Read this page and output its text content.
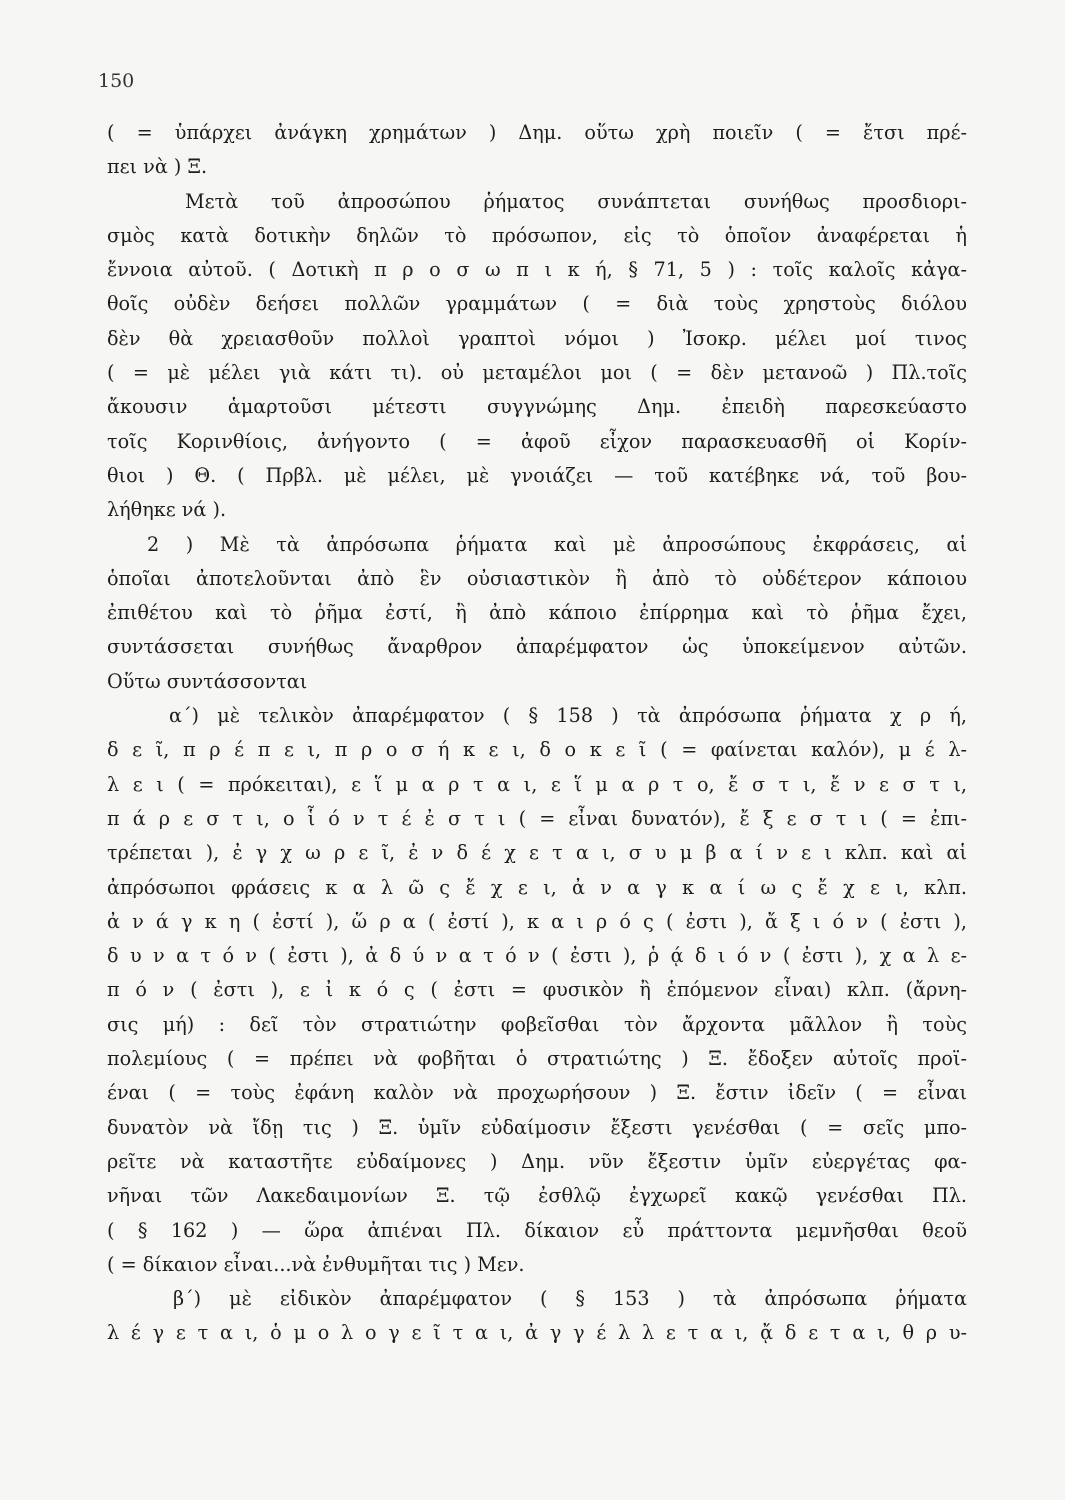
150
( = ὑπάρχει ἀνάγκη χρημάτων ) Δημ. οὕτω χρὴ ποιεῖν ( = ἔτσι πρέ-
πει νὰ ) Ξ.
Μετὰ τοῦ ἀπροσώπου ῥήματος συνάπτεται συνήθως προσδιορι-
σμὸς κατὰ δοτικὴν δηλῶν τὸ πρόσωπον, εἰς τὸ ὁποῖον ἀναφέρεται ἡ
ἔννοια αὐτοῦ. ( Δοτικὴ π ρ ο σ ω π ι κ ή, § 71, 5 ) : τοῖς καλοῖς κἀγα-
θοῖς οὐδὲν δεήσει πολλῶν γραμμάτων ( = διὰ τοὺς χρηστοὺς διόλου
δὲν θὰ χρειασθοῦν πολλοὶ γραπτοὶ νόμοι ) Ἰσοκρ. μέλει μοί τινος
( = μὲ μέλει γιὰ κάτι τι). οὐ μεταμέλοι μοι ( = δὲν μετανοῶ ) Πλ.τοῖς
ἄκουσιν ἁμαρτοῦσι μέτεστι συγγνώμης Δημ. ἐπειδὴ παρεσκεύαστο
τοῖς Κορινθίοις, ἀνήγοντο ( = ἀφοῦ εἶχον παρασκευασθῆ οἱ Κορίν-
θιοι ) Θ. ( Πρβλ. μὲ μέλει, μὲ γνοιάζει — τοῦ κατέβηκε νά, τοῦ βου-
λήθηκε νά ).
2 ) Μὲ τὰ ἀπρόσωπα ῥήματα καὶ μὲ ἀπροσώπους ἐκφράσεις, αἱ
ὁποῖαι ἀποτελοῦνται ἀπὸ ἓν οὐσιαστικὸν ἢ ἀπὸ τὸ οὐδέτερον κάποιου
ἐπιθέτου καὶ τὸ ῥῆμα ἐστί, ἢ ἀπὸ κάποιο ἐπίρρημα καὶ τὸ ῥῆμα ἔχει,
συντάσσεται συνήθως ἄναρθρον ἀπαρέμφατον ὡς ὑποκείμενον αὐτῶν.
Οὕτω συντάσσονται
α΄) μὲ τελικὸν ἀπαρέμφατον ( § 158 ) τὰ ἀπρόσωπα ῥήματα χ ρ ή,
δ ε ῖ, π ρ έ π ε ι, π ρ ο σ ή κ ε ι, δ ο κ ε ῖ ( = φαίνεται καλόν), μ έ λ-
λ ε ι ( = πρόκειται), ε ἵ μ α ρ τ α ι, ε ἵ μ α ρ τ ο, ἔ σ τ ι, ἔ ν ε σ τ ι,
π ά ρ ε σ τ ι, ο ἷ ό ν τ έ ἐ σ τ ι ( = εἶναι δυνατόν), ἔ ξ ε σ τ ι ( = ἐπι-
τρέπεται ), ἐ γ χ ω ρ ε ῖ, ἐ ν δ έ χ ε τ α ι, σ υ μ β α ί ν ε ι κλπ. καὶ αἱ
ἀπρόσωποι φράσεις κ α λ ῶ ς ἔ χ ε ι, ἀ ν α γ κ α ί ω ς ἔ χ ε ι, κλπ.
ἀ ν ά γ κ η ( ἐστί ), ὥ ρ α ( ἐστί ), κ α ι ρ ό ς ( ἐστι ), ἄ ξ ι ό ν ( ἐστι ),
δ υ ν α τ ό ν ( ἐστι ), ἀ δ ύ ν α τ ό ν ( ἐστι ), ῥ ᾴ δ ι ό ν ( ἐστι ), χ α λ ε-
π ό ν ( ἐστι ), ε ἰ κ ό ς ( ἐστι = φυσικὸν ἢ ἑπόμενον εἶναι) κλπ. (ἄρνη-
σις μή) : δεῖ τὸν στρατιώτην φοβεῖσθαι τὸν ἄρχοντα μᾶλλον ἢ τοὺς
πολεμίους ( = πρέπει νὰ φοβῆται ὁ στρατιώτης ) Ξ. ἔδοξεν αὐτοῖς προϊ-
έναι ( = τοὺς ἐφάνη καλὸν νὰ προχωρήσουν ) Ξ. ἔστιν ἰδεῖν ( = εἶναι
δυνατὸν νὰ ἴδῃ τις ) Ξ. ὑμῖν εὐδαίμοσιν ἔξεστι γενέσθαι ( = σεῖς μπο-
ρεῖτε νὰ καταστῆτε εὐδαίμονες ) Δημ. νῦν ἔξεστιν ὑμῖν εὐεργέτας φα-
νῆναι τῶν Λακεδαιμονίων Ξ. τῷ ἐσθλῷ ἐγχωρεῖ κακῷ γενέσθαι Πλ.
( § 162 ) — ὥρα ἀπιέναι Πλ. δίκαιον εὖ πράττοντα μεμνῆσθαι θεοῦ
( = δίκαιον εἶναι...νὰ ἐνθυμῆται τις ) Μεν.
β΄) μὲ εἰδικὸν ἀπαρέμφατον ( § 153 ) τὰ ἀπρόσωπα ῥήματα
λ έ γ ε τ α ι, ὁ μ ο λ ο γ ε ῖ τ α ι, ἀ γ γ έ λ λ ε τ α ι, ᾄ δ ε τ α ι, θ ρ υ-
